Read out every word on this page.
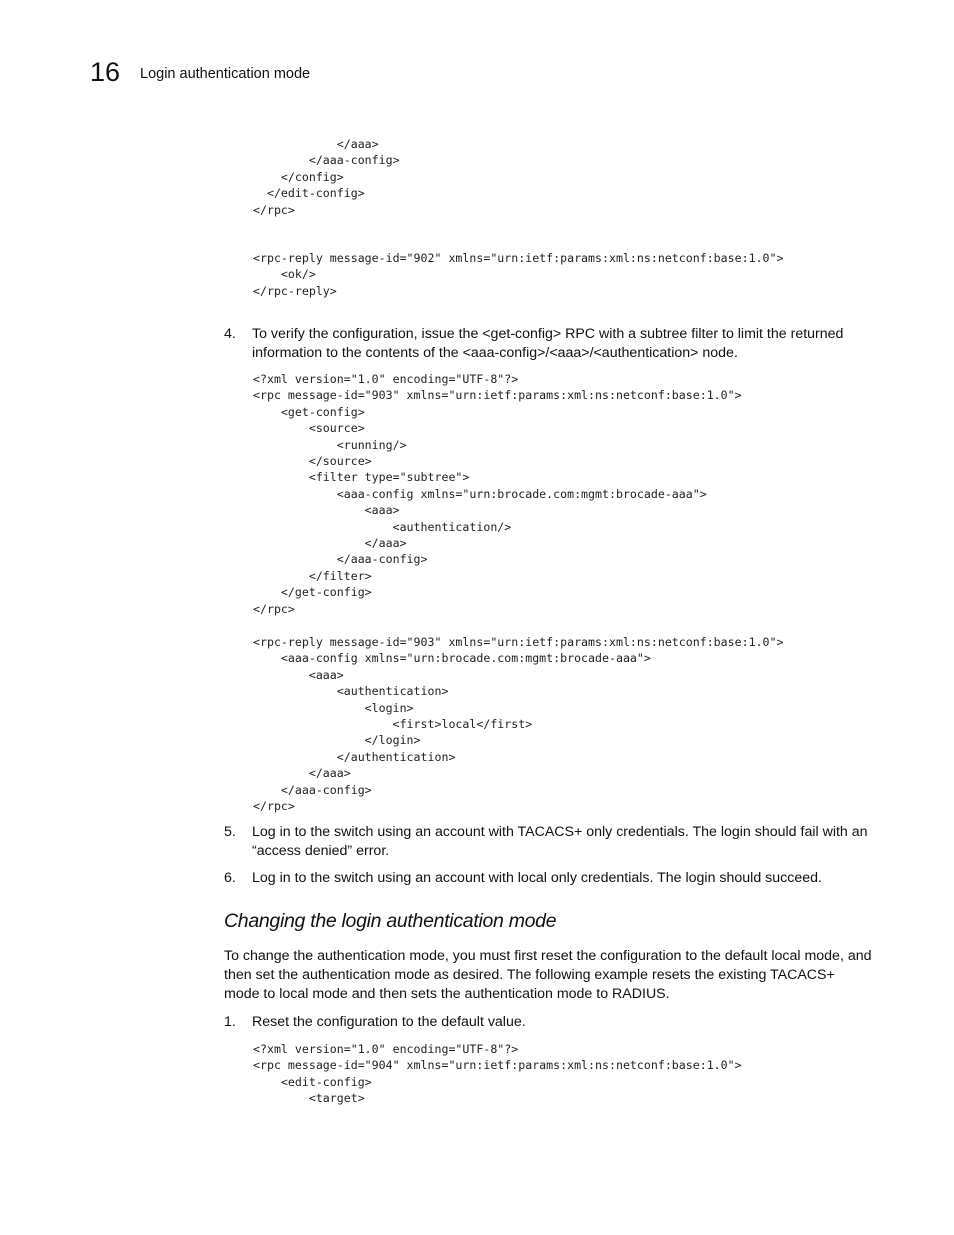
16 Login authentication mode
</aaa>
</aaa-config>
</config>
</edit-config>
</rpc>
<rpc-reply message-id="902" xmlns="urn:ietf:params:xml:ns:netconf:base:1.0">
<ok/>
</rpc-reply>
4. To verify the configuration, issue the <get-config> RPC with a subtree filter to limit the returned information to the contents of the <aaa-config>/<aaa>/<authentication> node.
<?xml version="1.0" encoding="UTF-8"?>
<rpc message-id="903" xmlns="urn:ietf:params:xml:ns:netconf:base:1.0">
<get-config>
<source>
<running/>
</source>
<filter type="subtree">
<aaa-config xmlns="urn:brocade.com:mgmt:brocade-aaa">
<aaa>
<authentication/>
</aaa>
</aaa-config>
</filter>
</get-config>
</rpc>
<rpc-reply message-id="903" xmlns="urn:ietf:params:xml:ns:netconf:base:1.0">
<aaa-config xmlns="urn:brocade.com:mgmt:brocade-aaa">
<aaa>
<authentication>
<login>
<first>local</first>
</login>
</authentication>
</aaa>
</aaa-config>
</rpc>
5. Log in to the switch using an account with TACACS+ only credentials. The login should fail with an “access denied” error.
6. Log in to the switch using an account with local only credentials. The login should succeed.
Changing the login authentication mode
To change the authentication mode, you must first reset the configuration to the default local mode, and then set the authentication mode as desired. The following example resets the existing TACACS+ mode to local mode and then sets the authentication mode to RADIUS.
1. Reset the configuration to the default value.
<?xml version="1.0" encoding="UTF-8"?>
<rpc message-id="904" xmlns="urn:ietf:params:xml:ns:netconf:base:1.0">
<edit-config>
<target>
